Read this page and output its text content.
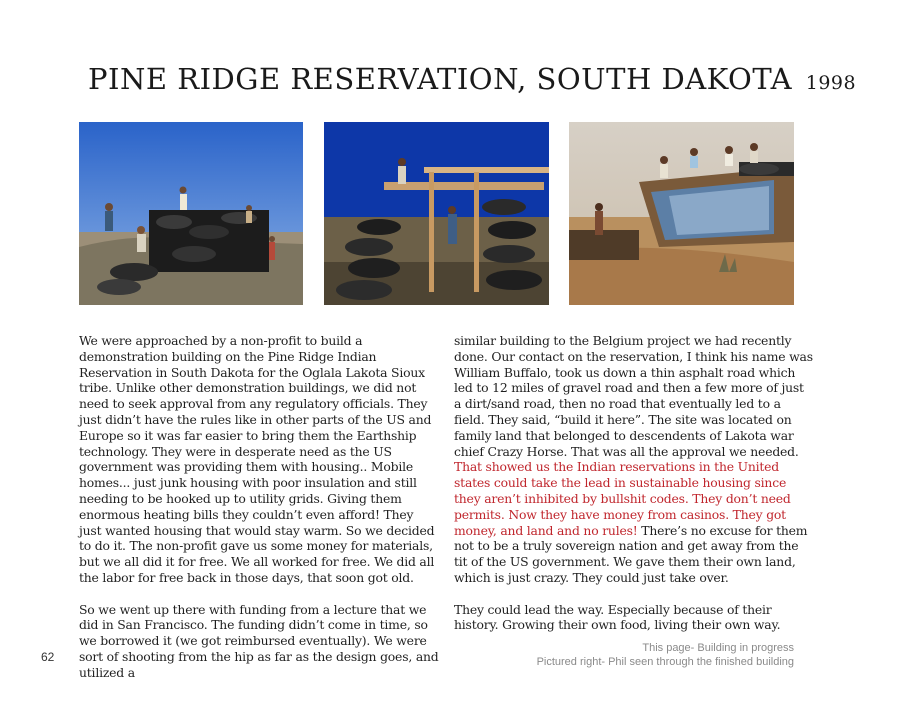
PINE RIDGE RESERVATION, SOUTH DAKOTA 1998

We were approached by a non-profit to build a demonstration building on the Pine Ridge Indian Reservation in South Dakota for the Oglala Lakota Sioux tribe. Unlike other demonstration buildings, we did not need to seek approval from any regulatory officials. They just didn’t have the rules like in other parts of the US and Europe so it was far easier to bring them the Earthship technology. They were in desperate need as the US government was providing them with housing.. Mobile homes... just junk housing with poor insulation and still needing to be hooked up to utility grids. Giving them enormous heating bills they couldn’t even afford! They just wanted housing that would stay warm. So we decided to do it. The non-profit gave us some money for materials, but we all did it for free. We all worked for free. We did all the labor for free back in those days, that soon got old.

So we went up there with funding from a lecture that we did in San Francisco. The funding didn’t come in time, so we borrowed it (we got reimbursed eventually). We were sort of shooting from the hip as far as the design goes, and utilized a

similar building to the Belgium project we had recently done. Our contact on the reservation, I think his name was William Buffalo, took us down a thin asphalt road which led to 12 miles of gravel road and then a few more of just a dirt/sand road, then no road that eventually led to a field. They said, “build it here”. The site was located on family land that belonged to descendents of Lakota war chief Crazy Horse. That was all the approval we needed. That showed us the Indian reservations in the United states could take the lead in sustainable housing since they aren’t inhibited by bullshit codes. They don’t need permits. Now they have money from casinos. They got money, and land and no rules! There’s no excuse for them not to be a truly sovereign nation and get away from the tit of the US government. We gave them their own land, which is just crazy. They could just take over.

They could lead the way. Especially because of their history. Growing their own food, living their own way.

62
This page- Building in progress
Pictured right- Phil seen through the finished building
